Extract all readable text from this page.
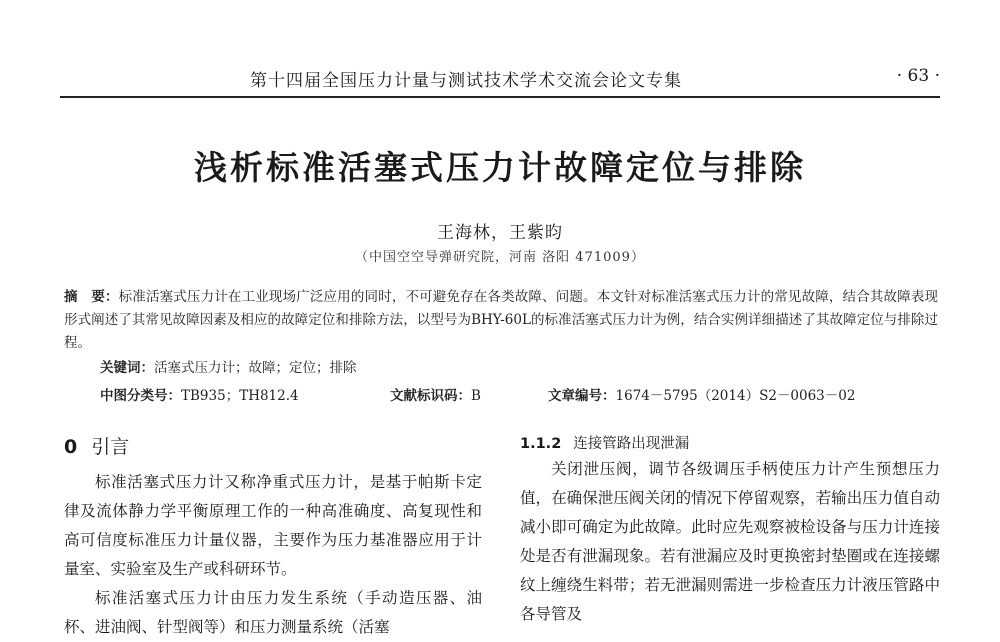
第十四届全国压力计量与测试技术学术交流会论文专集	· 63 ·
浅析标准活塞式压力计故障定位与排除
王海林，王紫昀
（中国空空导弹研究院，河南 洛阳 471009）
摘　要：标准活塞式压力计在工业现场广泛应用的同时，不可避免存在各类故障、问题。本文针对标准活塞式压力计的常见故障，结合其故障表现形式阐述了其常见故障因素及相应的故障定位和排除方法，以型号为BHY-60L的标准活塞式压力计为例，结合实例详细描述了其故障定位与排除过程。
关键词：活塞式压力计；故障；定位；排除
中图分类号：TB935；TH812.4	文献标识码：B	文章编号：1674－5795（2014）S2－0063－02
0 引言

标准活塞式压力计又称净重式压力计，是基于帕斯卡定律及流体静力学平衡原理工作的一种高准确度、高复现性和高可信度标准压力计量仪器，主要作为压力基准器应用于计量室、实验室及生产或科研环节。

标准活塞式压力计由压力发生系统（手动造压器、油杯、进油阀、针型阀等）和压力测量系统（活塞

1.1.2 连接管路出现泄漏

关闭泄压阀，调节各级调压手柄使压力计产生预想压力值，在确保泄压阀关闭的情况下停留观察，若输出压力值自动减小即可确定为此故障。此时应先观察被检设备与压力计连接处是否有泄漏现象。若有泄漏应及时更换密封垫圈或在连接螺纹上缠绕生料带；若无泄漏则需进一步检查压力计液压管路中各导管及
